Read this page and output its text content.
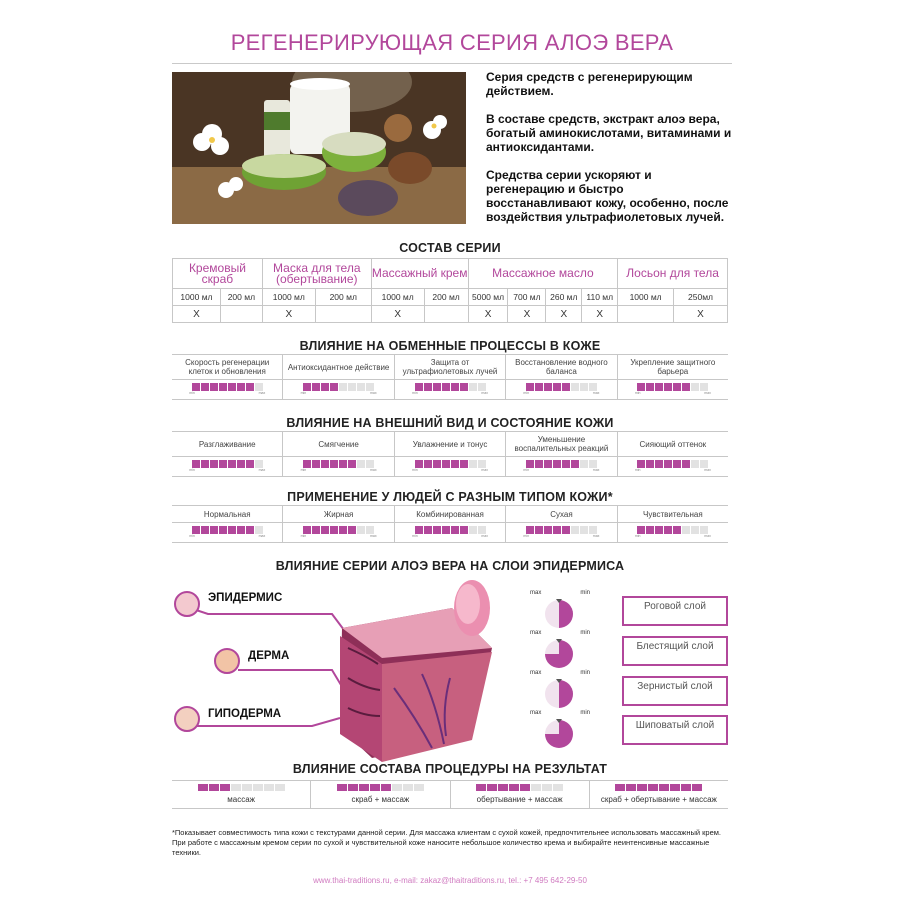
РЕГЕНЕРИРУЮЩАЯ СЕРИЯ АЛОЭ ВЕРА

Серия средств с регенерирующим действием.

В составе средств, экстракт алоэ вера, богатый аминокислотами, витаминами и антиоксидантами.

Средства серии ускоряют и регенерацию и быстро восстанавливают кожу, особенно, после воздействия ультрафиолетовых лучей.

СОСТАВ СЕРИИ
Кремовый скраб		Маска для тела (обертывание)		Массажный крем		Массажное масло				Лосьон для тела	
1000 мл	200 мл	1000 мл	200 мл	1000 мл	200 мл	5000 мл	700 мл	260 мл	110 мл	1000 мл	250мл
X		X		X		X	X	X	X		X
ВЛИЯНИЕ НА ОБМЕННЫЕ ПРОЦЕССЫ В КОЖЕ
Скорость регенерации клеток и обновления
min	max
Антиоксидантное действие
min	max
Защита от ультрафиолетовых лучей
min	max
Восстановление водного баланса
min	max
Укрепление защитного барьера
min	max
ВЛИЯНИЕ НА ВНЕШНИЙ ВИД И СОСТОЯНИЕ КОЖИ
Разглаживание
min	max
Смягчение
min	max
Увлажнение и тонус
min	max
Уменьшение воспалительных реакций
min	max
Сияющий оттенок
min	max
ПРИМЕНЕНИЕ У ЛЮДЕЙ С РАЗНЫМ ТИПОМ КОЖИ*
Нормальная
min	max
Жирная
min	max
Комбинированная
min	max
Сухая
min	max
Чувствительная
min	max
ВЛИЯНИЕ СЕРИИ АЛОЭ ВЕРА НА СЛОИ ЭПИДЕРМИСА
ЭПИДЕРМИС
ДЕРМА
ГИПОДЕРМА
max	min
max	min
max	min
max	min
Роговой слой
Блестящий слой
Зернистый слой
Шиповатый слой
ВЛИЯНИЕ СОСТАВА ПРОЦЕДУРЫ НА РЕЗУЛЬТАТ
массаж	скраб + массаж	обертывание + массаж	скраб + обертывание + массаж
*Показывает совместимость типа кожи с текстурами данной серии. Для массажа клиентам с сухой кожей, предпочтительнее использовать массажный крем. При работе с массажным кремом серии по сухой и чувствительной коже наносите небольшое количество крема и выбирайте неинтенсивные массажные техники.
www.thai-traditions.ru, e-mail: zakaz@thaitraditions.ru, tel.: +7 495 642-29-50
